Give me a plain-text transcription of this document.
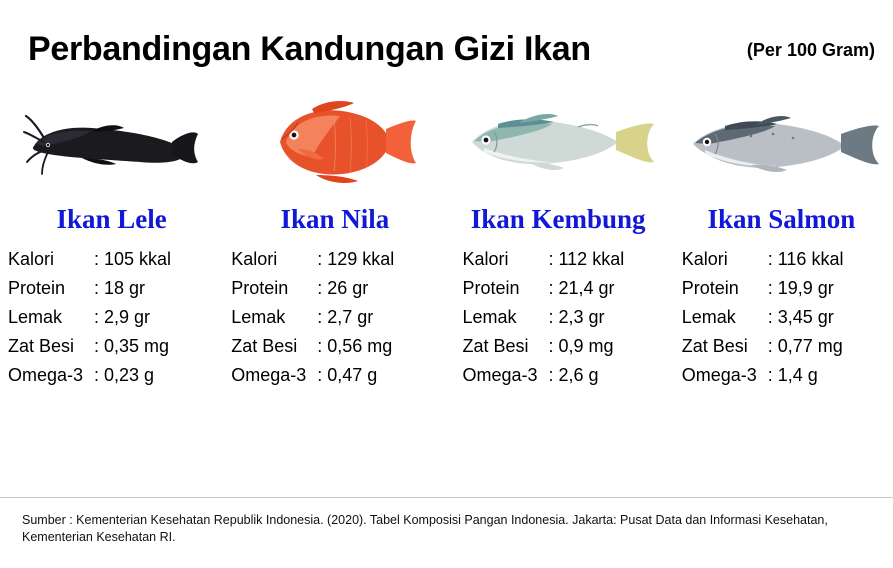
Perbandingan Kandungan Gizi Ikan	(Per 100 Gram)
Ikan Lele
Kalori	: 105 kkal
Protein	: 18 gr
Lemak	: 2,9 gr
Zat Besi	: 0,35 mg
Omega-3 : 0,23 g
Ikan Nila
Kalori	: 129 kkal
Protein	: 26 gr
Lemak	: 2,7 gr
Zat Besi	: 0,56 mg
Omega-3 : 0,47 g
Ikan Kembung
Kalori	: 112 kkal
Protein	: 21,4 gr
Lemak	: 2,3 gr
Zat Besi	: 0,9 mg
Omega-3 : 2,6 g
Ikan Salmon
Kalori	: 116 kkal
Protein	: 19,9 gr
Lemak	: 3,45 gr
Zat Besi	: 0,77 mg
Omega-3 : 1,4 g
Sumber : Kementerian Kesehatan Republik Indonesia. (2020). Tabel Komposisi Pangan Indonesia. Jakarta: Pusat Data dan Informasi Kesehatan, Kementerian Kesehatan RI.
